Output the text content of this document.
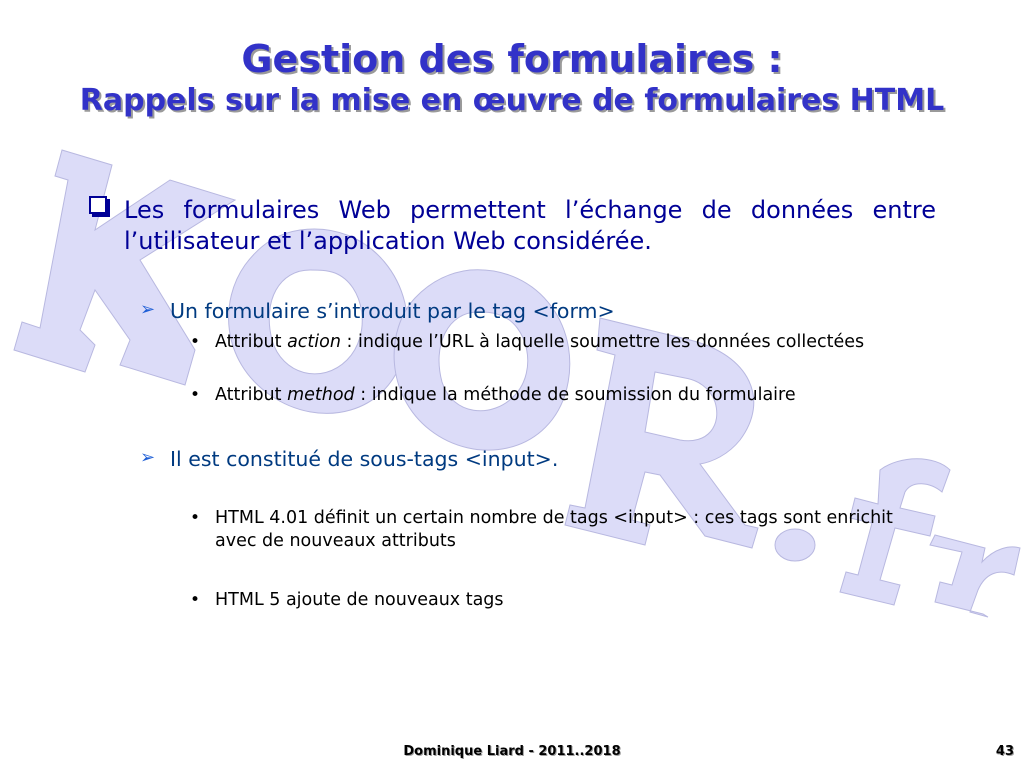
Gestion des formulaires :
Rappels sur la mise en œuvre de formulaires HTML
Les formulaires Web permettent l’échange de données entre l’utilisateur et l’application Web considérée.
➢ Un formulaire s’introduit par le tag <form>
• Attribut action : indique l’URL à laquelle soumettre les données collectées
• Attribut method : indique la méthode de soumission du formulaire
➢ Il est constitué de sous-tags <input>.
• HTML 4.01 définit un certain nombre de tags <input> : ces tags sont enrichit avec de nouveaux attributs
• HTML 5 ajoute de nouveaux tags
Dominique Liard - 2011..2018	43
